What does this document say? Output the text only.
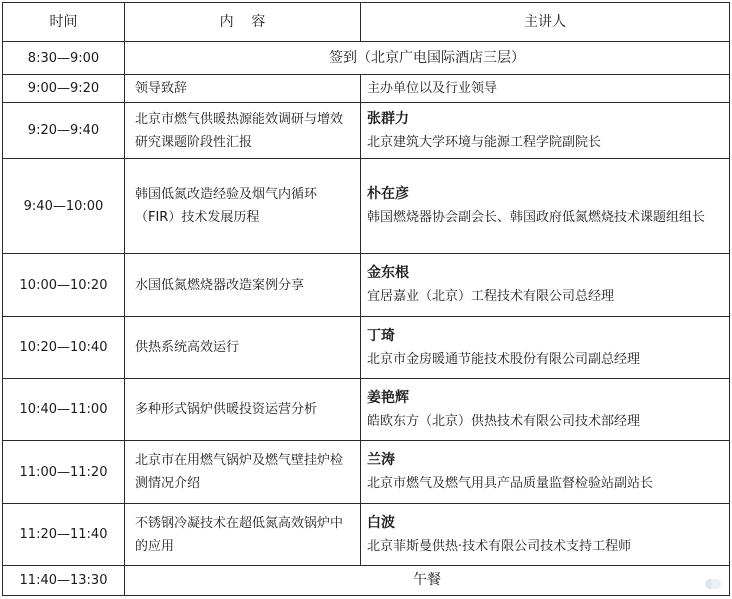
时间	内    容	主讲人
8:30—9:00	签到（北京广电国际酒店三层）	
9:00—9:20	领导致辞	主办单位以及行业领导

9:20—9:40	北京市燃气供暖热源能效调研与增效研究课题阶段性汇报	张群力
北京建筑大学环境与能源工程学院副院长

9:40—10:00	韩国低氮改造经验及烟气内循环（FIR）技术发展历程	朴在彦
韩国燃烧器协会副会长、韩国政府低氮燃烧技术课题组组长

10:00—10:20	水国低氮燃烧器改造案例分享	金东根
宜居嘉业（北京）工程技术有限公司总经理

10:20—10:40	供热系统高效运行	丁琦
北京市金房暖通节能技术股份有限公司副总经理

10:40—11:00	多种形式锅炉供暖投资运营分析	姜艳辉
皓欧东方（北京）供热技术有限公司技术部经理

11:00—11:20	北京市在用燃气锅炉及燃气壁挂炉检测情况介绍	兰涛
北京市燃气及燃气用具产品质量监督检验站副站长

11:20—11:40	不锈钢冷凝技术在超低氮高效锅炉中的应用	白波
北京菲斯曼供热·技术有限公司技术支持工程师

11:40—13:30	午餐	
